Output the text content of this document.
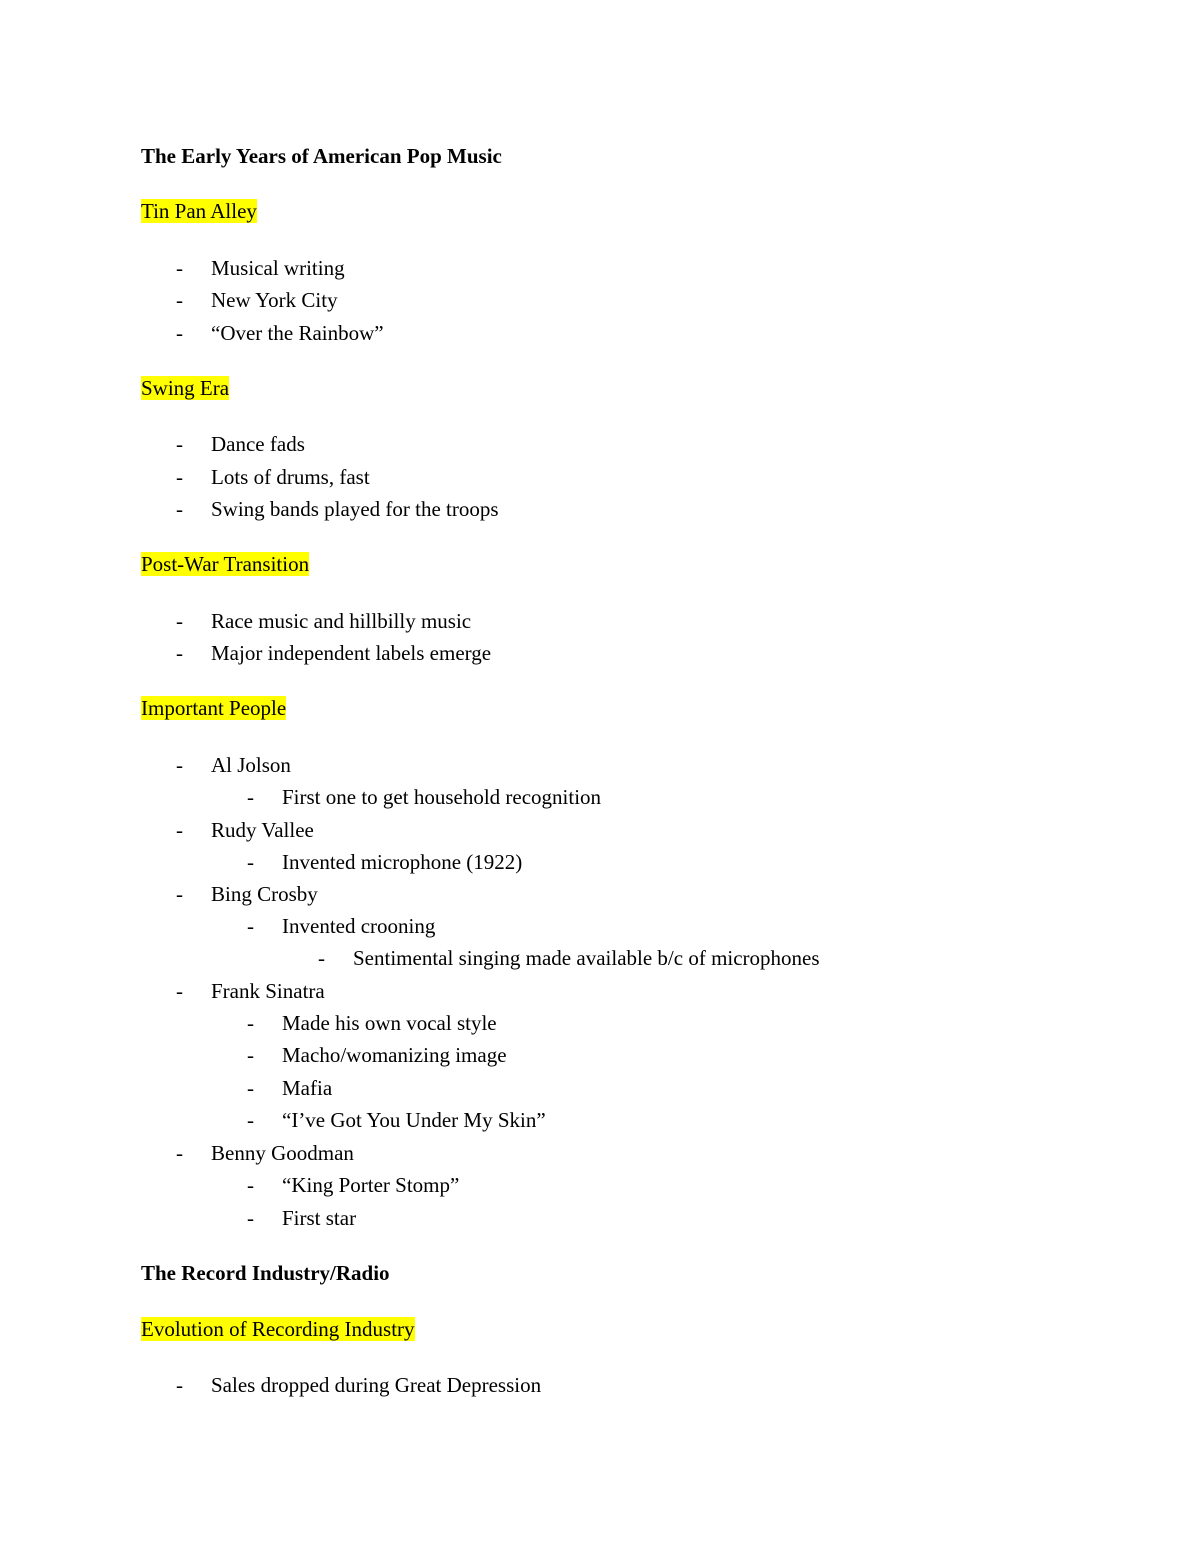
The Early Years of American Pop Music
Tin Pan Alley
- Musical writing
- New York City
- “Over the Rainbow”
Swing Era
- Dance fads
- Lots of drums, fast
- Swing bands played for the troops
Post-War Transition
- Race music and hillbilly music
- Major independent labels emerge
Important People
- Al Jolson
- First one to get household recognition
- Rudy Vallee
- Invented microphone (1922)
- Bing Crosby
- Invented crooning
- Sentimental singing made available b/c of microphones
- Frank Sinatra
- Made his own vocal style
- Macho/womanizing image
- Mafia
- “I’ve Got You Under My Skin”
- Benny Goodman
- “King Porter Stomp”
- First star
The Record Industry/Radio
Evolution of Recording Industry
- Sales dropped during Great Depression
